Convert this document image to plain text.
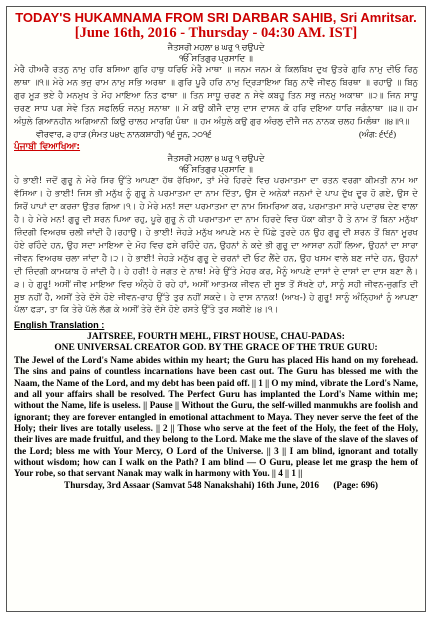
TODAY'S HUKAMNAMA FROM SRI DARBAR SAHIB, Sri Amritsar.
[June 16th, 2016 - Thursday - 04:30 AM. IST]
ਜੈਤਸਰੀ ਮਹਲਾ ੪ ਘਰੁ ੧ ਚਉਪਦੇ
ੴ ਸਤਿਗੁਰ ਪ੍ਰਸਾਦਿ ॥
ਮੇਰੈ ਹੀਅਰੈ ਰਤਨੁ ਨਾਮੁ ਹਰਿ ਬਸਿਆ ਗੁਰਿ ਹਾਥੁ ਧਰਿਓ ਮੇਰੈ ਮਾਥਾ ॥ ਜਨਮ ਜਨਮ ਕੇ ਕਿਲਬਿਖ ਦੁਖ ਉਤਰੇ ਗੁਰਿ ਨਾਮੁ ਦੀਓ ਰਿਨੁ ਲਾਥਾ ॥੧॥ ਮੇਰੇ ਮਨ ਭਜੁ ਰਾਮ ਨਾਮੁ ਸਭਿ ਅਰਥਾ ॥ ਗੁਰਿ ਪੂਰੈ ਹਰਿ ਨਾਮੁ ਦ੍ਰਿੜਾਇਆ ਬਿਨੁ ਨਾਵੈ ਜੀਵਨੁ ਬਿਰਥਾ ॥ ਰਹਾਉ ॥ ਬਿਨੁ ਗੁਰ ਮੂੜ ਭਏ ਹੈ ਮਨਮੁਖ ਤੇ ਮੋਹ ਮਾਇਆ ਨਿਤ ਫਾਥਾ ॥ ਤਿਨ ਸਾਧੂ ਚਰਣ ਨ ਸੇਵੇ ਕਬਹੂ ਤਿਨ ਸਭੁ ਜਨਮੁ ਅਕਾਥਾ ॥੨॥ ਜਿਨ ਸਾਧੂ ਚਰਣ ਸਾਧ ਪਗ ਸੇਵੇ ਤਿਨ ਸਫਲਿਓ ਜਨਮੁ ਸਨਾਥਾ ॥ ਮੋ ਕਉ ਕੀਜੈ ਦਾਸੁ ਦਾਸ ਦਾਸਨ ਕੋ ਹਰਿ ਦਇਆ ਧਾਰਿ ਜਗੰਨਾਥਾ ॥੩॥ ਹਮ ਅੰਧੁਲੇ ਗਿਆਨਹੀਨ ਅਗਿਆਨੀ ਕਿਉ ਚਾਲਹ ਮਾਰਗਿ ਪੰਥਾ ॥ ਹਮ ਅੰਧੁਲੇ ਕਉ ਗੁਰ ਅੰਚਲੁ ਦੀਜੈ ਜਨ ਨਾਨਕ ਚਲਹ ਮਿਲੰਥਾ ॥੪॥੧॥
ਵੀਰਵਾਰ, ੩ ਹਾੜ (ਸੰਮਤ ੫੪੮ ਨਾਨਕਸ਼ਾਹੀ) ੧੬ ਜੂਨ, ੨੦੧੬	(ਅੰਗ: ੬੯੬)
ਪੰਜਾਬੀ ਵਿਆਖਿਆ:
ਜੈਤਸਰੀ ਮਹਲਾ ੪ ਘਰੁ ੧ ਚਉਪਦੇ
ੴ ਸਤਿਗੁਰ ਪ੍ਰਸਾਦਿ ॥
ਹੇ ਭਾਈ! ਜਦੋਂ ਗੁਰੂ ਨੇ ਮੇਰੇ ਸਿਰ ਉੱਤੇ ਆਪਣਾ ਹੱਥ ਰੱਖਿਆ, ਤਾਂ ਮੇਰੇ ਹਿਰਦੇ ਵਿਚ ਪਰਮਾਤਮਾ ਦਾ ਰਤਨ ਵਰਗਾ ਕੀਮਤੀ ਨਾਮ ਆ ਵੱਸਿਆ। ਹੇ ਭਾਈ! ਜਿਸ ਭੀ ਮਨੁੱਖ ਨੂੰ ਗੁਰੂ ਨੇ ਪਰਮਾਤਮਾ ਦਾ ਨਾਮ ਦਿੱਤਾ, ਉਸ ਦੇ ਅਨੇਕਾਂ ਜਨਮਾਂ ਦੇ ਪਾਪ ਦੁੱਖ ਦੂਰ ਹੋ ਗਏ, ਉਸ ਦੇ ਸਿਰੋਂ ਪਾਪਾਂ ਦਾ ਕਰਜ਼ਾ ਉਤਰ ਗਿਆ।੧। ਹੇ ਮੇਰੇ ਮਨ! ਸਦਾ ਪਰਮਾਤਮਾ ਦਾ ਨਾਮ ਸਿਮਰਿਆ ਕਰ, ਪਰਮਾਤਮਾ ਸਾਰੇ ਪਦਾਰਥ ਦੇਣ ਵਾਲਾ ਹੈ। ਹੇ ਮੇਰੇ ਮਨ! ਗੁਰੂ ਦੀ ਸ਼ਰਨ ਪਿਆ ਰਹੁ, ਪੂਰੇ ਗੁਰੂ ਨੇ ਹੀ ਪਰਮਾਤਮਾ ਦਾ ਨਾਮ ਹਿਰਦੇ ਵਿਚ ਪੱਕਾ ਕੀਤਾ ਹੈ ਤੇ ਨਾਮ ਤੋਂ ਬਿਨਾ ਮਨੁੱਖਾ ਜ਼ਿੰਦਗੀ ਵਿਅਰਥ ਚਲੀ ਜਾਂਦੀ ਹੈ।ਰਹਾਉ। ਹੇ ਭਾਈ! ਜੇਹੜੇ ਮਨੁੱਖ ਆਪਣੇ ਮਨ ਦੇ ਪਿੱਛੇ ਤੁਰਦੇ ਹਨ ਉਹ ਗੁਰੂ ਦੀ ਸ਼ਰਨ ਤੋਂ ਬਿਨਾ ਮੂਰਖ ਹੋਏ ਰਹਿੰਦੇ ਹਨ, ਉਹ ਸਦਾ ਮਾਇਆ ਦੇ ਮੋਹ ਵਿਚ ਫਸੇ ਰਹਿੰਦੇ ਹਨ, ਉਹਨਾਂ ਨੇ ਕਦੇ ਭੀ ਗੁਰੂ ਦਾ ਆਸਰਾ ਨਹੀਂ ਲਿਆ, ਉਹਨਾਂ ਦਾ ਸਾਰਾ ਜੀਵਨ ਵਿਅਰਥ ਚਲਾ ਜਾਂਦਾ ਹੈ।੨। ਹੇ ਭਾਈ! ਜੇਹੜੇ ਮਨੁੱਖ ਗੁਰੂ ਦੇ ਚਰਨਾਂ ਦੀ ਓਟ ਲੈਂਦੇ ਹਨ, ਉਹ ਖਸਮ ਵਾਲੇ ਬਣ ਜਾਂਦੇ ਹਨ, ਉਹਨਾਂ ਦੀ ਜ਼ਿੰਦਗੀ ਕਾਮਯਾਬ ਹੋ ਜਾਂਦੀ ਹੈ। ਹੇ ਹਰੀ! ਹੇ ਜਗਤ ਦੇ ਨਾਥ! ਮੇਰੇ ਉੱਤੇ ਮੇਹਰ ਕਰ, ਮੈਨੂੰ ਆਪਣੇ ਦਾਸਾਂ ਦੇ ਦਾਸਾਂ ਦਾ ਦਾਸ ਬਣਾ ਲੈ।੩। ਹੇ ਗੁਰੂ! ਅਸੀਂ ਜੀਵ ਮਾਇਆ ਵਿਚ ਅੰਨ੍ਹੇ ਹੋ ਰਹੇ ਹਾਂ, ਅਸੀਂ ਆਤਮਕ ਜੀਵਨ ਦੀ ਸੂਝ ਤੋਂ ਸੱਖਣੇ ਹਾਂ, ਸਾਨੂੰ ਸਹੀ ਜੀਵਨ-ਜੁਗਤਿ ਦੀ ਸੂਝ ਨਹੀਂ ਹੈ, ਅਸੀਂ ਤੇਰੇ ਦੱਸੇ ਹੋਏ ਜੀਵਨ-ਰਾਹ ਉੱਤੇ ਤੁਰ ਨਹੀਂ ਸਕਦੇ। ਹੇ ਦਾਸ ਨਾਨਕ! (ਆਖ-) ਹੇ ਗੁਰੂ! ਸਾਨੂੰ ਅੰਨ੍ਹਿਆਂ ਨੂੰ ਆਪਣਾ ਪੱਲਾ ਫੜਾ, ਤਾ ਕਿ ਤੇਰੇ ਪੱਲੇ ਲੱਗ ਕੇ ਅਸੀਂ ਤੇਰੇ ਦੱਸੇ ਹੋਏ ਰਸਤੇ ਉੱਤੇ ਤੁਰ ਸਕੀਏ।੪।੧।
English Translation :
JAITSREE, FOURTH MEHL, FIRST HOUSE, CHAU-PADAS:
ONE UNIVERSAL CREATOR GOD. BY THE GRACE OF THE TRUE GURU:
The Jewel of the Lord's Name abides within my heart; the Guru has placed His hand on my forehead. The sins and pains of countless incarnations have been cast out. The Guru has blessed me with the Naam, the Name of the Lord, and my debt has been paid off. || 1 || O my mind, vibrate the Lord's Name, and all your affairs shall be resolved. The Perfect Guru has implanted the Lord's Name within me; without the Name, life is useless. || Pause || Without the Guru, the self-willed manmukhs are foolish and ignorant; they are forever entangled in emotional attachment to Maya. They never serve the feet of the Holy; their lives are totally useless. || 2 || Those who serve at the feet of the Holy, the feet of the Holy, their lives are made fruitful, and they belong to the Lord. Make me the slave of the slave of the slaves of the Lord; bless me with Your Mercy, O Lord of the Universe. || 3 || I am blind, ignorant and totally without wisdom; how can I walk on the Path? I am blind — O Guru, please let me grasp the hem of Your robe, so that servant Nanak may walk in harmony with You. || 4 || 1 ||
Thursday, 3rd Assaar (Samvat 548 Nanakshahi) 16th June, 2016 (Page: 696)
